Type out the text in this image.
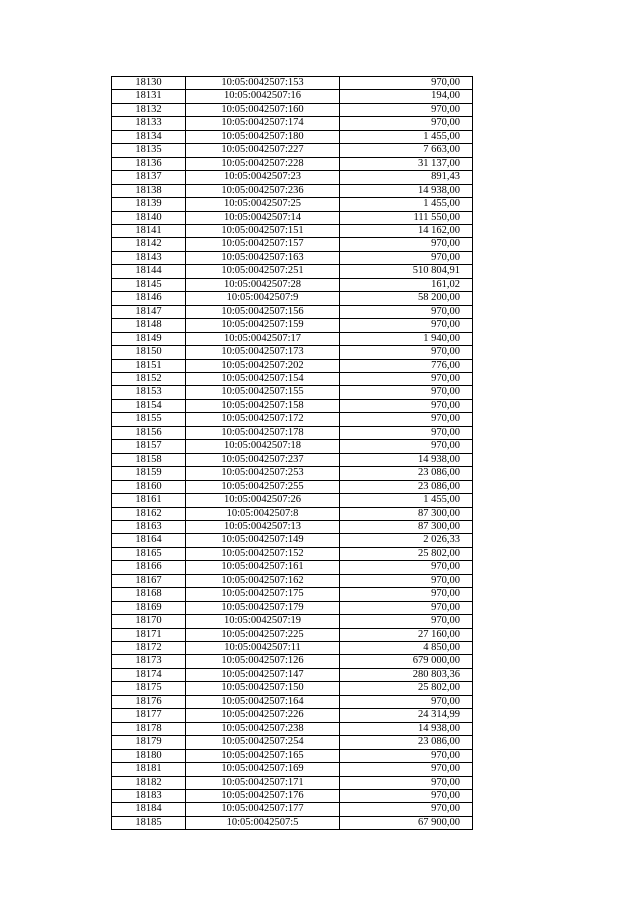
18130	10:05:0042507:153	970,00
18131	10:05:0042507:16	194,00
18132	10:05:0042507:160	970,00
18133	10:05:0042507:174	970,00
18134	10:05:0042507:180	1 455,00
18135	10:05:0042507:227	7 663,00
18136	10:05:0042507:228	31 137,00
18137	10:05:0042507:23	891,43
18138	10:05:0042507:236	14 938,00
18139	10:05:0042507:25	1 455,00
18140	10:05:0042507:14	111 550,00
18141	10:05:0042507:151	14 162,00
18142	10:05:0042507:157	970,00
18143	10:05:0042507:163	970,00
18144	10:05:0042507:251	510 804,91
18145	10:05:0042507:28	161,02
18146	10:05:0042507:9	58 200,00
18147	10:05:0042507:156	970,00
18148	10:05:0042507:159	970,00
18149	10:05:0042507:17	1 940,00
18150	10:05:0042507:173	970,00
18151	10:05:0042507:202	776,00
18152	10:05:0042507:154	970,00
18153	10:05:0042507:155	970,00
18154	10:05:0042507:158	970,00
18155	10:05:0042507:172	970,00
18156	10:05:0042507:178	970,00
18157	10:05:0042507:18	970,00
18158	10:05:0042507:237	14 938,00
18159	10:05:0042507:253	23 086,00
18160	10:05:0042507:255	23 086,00
18161	10:05:0042507:26	1 455,00
18162	10:05:0042507:8	87 300,00
18163	10:05:0042507:13	87 300,00
18164	10:05:0042507:149	2 026,33
18165	10:05:0042507:152	25 802,00
18166	10:05:0042507:161	970,00
18167	10:05:0042507:162	970,00
18168	10:05:0042507:175	970,00
18169	10:05:0042507:179	970,00
18170	10:05:0042507:19	970,00
18171	10:05:0042507:225	27 160,00
18172	10:05:0042507:11	4 850,00
18173	10:05:0042507:126	679 000,00
18174	10:05:0042507:147	280 803,36
18175	10:05:0042507:150	25 802,00
18176	10:05:0042507:164	970,00
18177	10:05:0042507:226	24 314,99
18178	10:05:0042507:238	14 938,00
18179	10:05:0042507:254	23 086,00
18180	10:05:0042507:165	970,00
18181	10:05:0042507:169	970,00
18182	10:05:0042507:171	970,00
18183	10:05:0042507:176	970,00
18184	10:05:0042507:177	970,00
18185	10:05:0042507:5	67 900,00
